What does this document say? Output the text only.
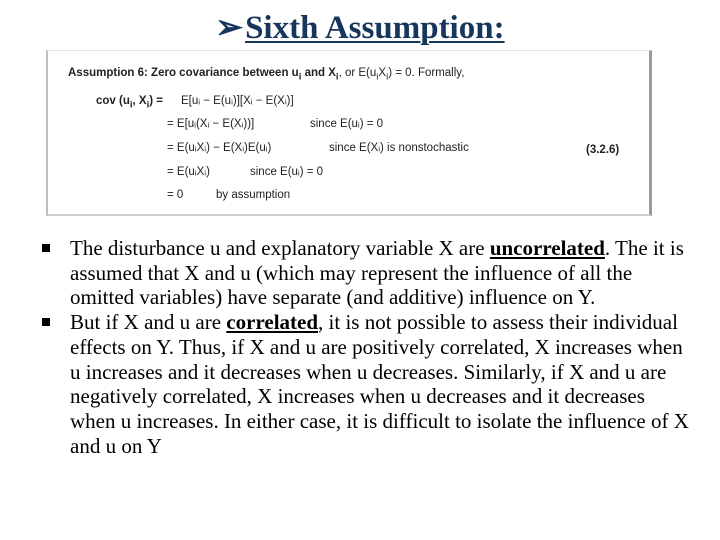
➢Sixth Assumption:
Assumption 6: Zero covariance between $u_i$ and $X_i$, or $E(u_iX_i) = 0$. Formally,
cov ($u_i$, $X_i$) = E[uᵢ − E(uᵢ)][Xᵢ − E(Xᵢ)]
= E[uᵢ(Xᵢ − E(Xᵢ))]	since E(uᵢ) = 0
= E(uᵢXᵢ) − E(Xᵢ)E(uᵢ)	since E(Xᵢ) is nonstochastic
= E(uᵢXᵢ)	since E(uᵢ) = 0
= 0	by assumption
(3.2.6)
The disturbance u and explanatory variable X are uncorrelated. The it is assumed that X and u (which may represent the influence of all the omitted variables) have separate (and additive) influence on Y.
But if X and u are correlated, it is not possible to assess their individual effects on Y. Thus, if X and u are positively correlated, X increases when u increases and it decreases when u decreases. Similarly, if X and u are negatively correlated, X increases when u decreases and it decreases when u increases. In either case, it is difficult to isolate the influence of X and u on Y
